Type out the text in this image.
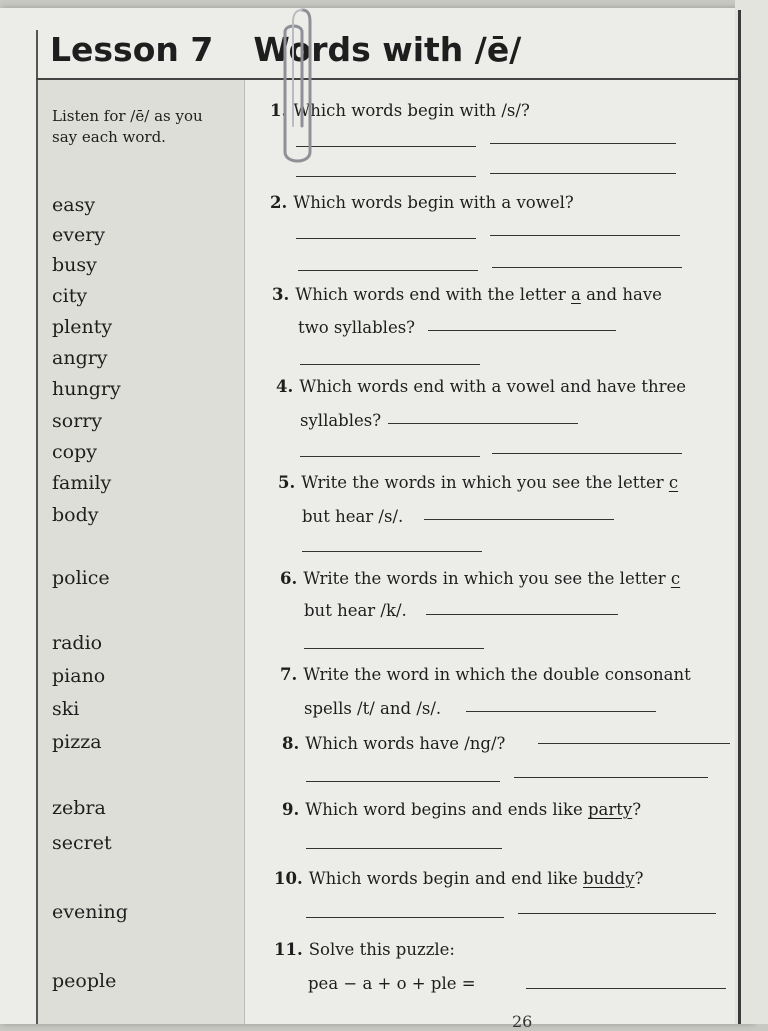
Lesson 7 Words with /ē/
Listen for /ē/ as you say each word.
easy
every
busy
city
plenty
angry
hungry
sorry
copy
family
body
police
radio
piano
ski
pizza
zebra
secret
evening
people
1. Which words begin with /s/?
2. Which words begin with a vowel?
3. Which words end with the letter a and have
two syllables?
4. Which words end with a vowel and have three
syllables?
5. Write the words in which you see the letter c
but hear /s/.
6. Write the words in which you see the letter c
but hear /k/.
7. Write the word in which the double consonant
spells /t/ and /s/.
8. Which words have /ng/?
9. Which word begins and ends like party?
10. Which words begin and end like buddy?
11. Solve this puzzle:
pea − a + o + ple =
26
